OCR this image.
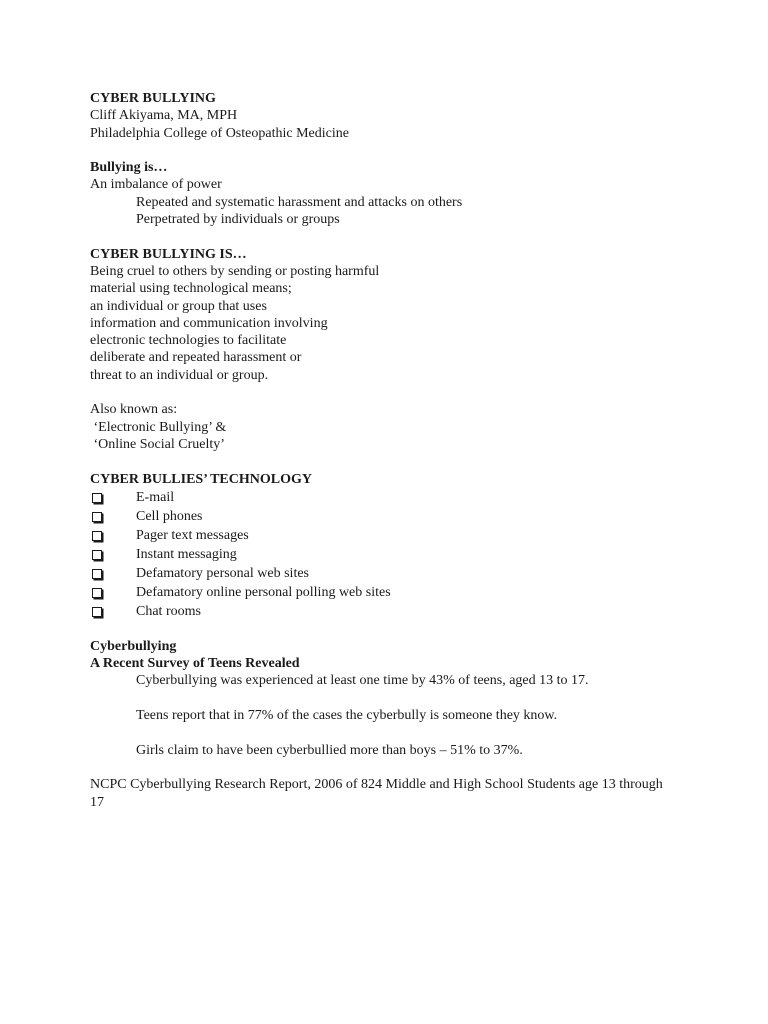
CYBER BULLYING
Cliff Akiyama, MA, MPH
Philadelphia College of Osteopathic Medicine
Bullying is…
An imbalance of power
Repeated and systematic harassment and attacks on others
Perpetrated by individuals or groups
CYBER BULLYING IS…
Being cruel to others by sending or posting harmful
material using technological means;
an individual or group that uses
information and communication involving
electronic technologies to facilitate
deliberate and repeated harassment or
threat to an individual or group.
Also known as:
‘Electronic Bullying’ &
‘Online Social Cruelty’
CYBER BULLIES’ TECHNOLOGY
E-mail
Cell phones
Pager text messages
Instant messaging
Defamatory personal web sites
Defamatory online personal polling web sites
Chat rooms
Cyberbullying
A Recent Survey of Teens Revealed
Cyberbullying was experienced at least one time by 43% of teens, aged 13 to 17.
Teens report that in 77% of the cases the cyberbully is someone they know.
Girls claim to have been cyberbullied more than boys – 51% to 37%.
NCPC Cyberbullying Research Report, 2006 of 824 Middle and High School Students age 13 through 17
